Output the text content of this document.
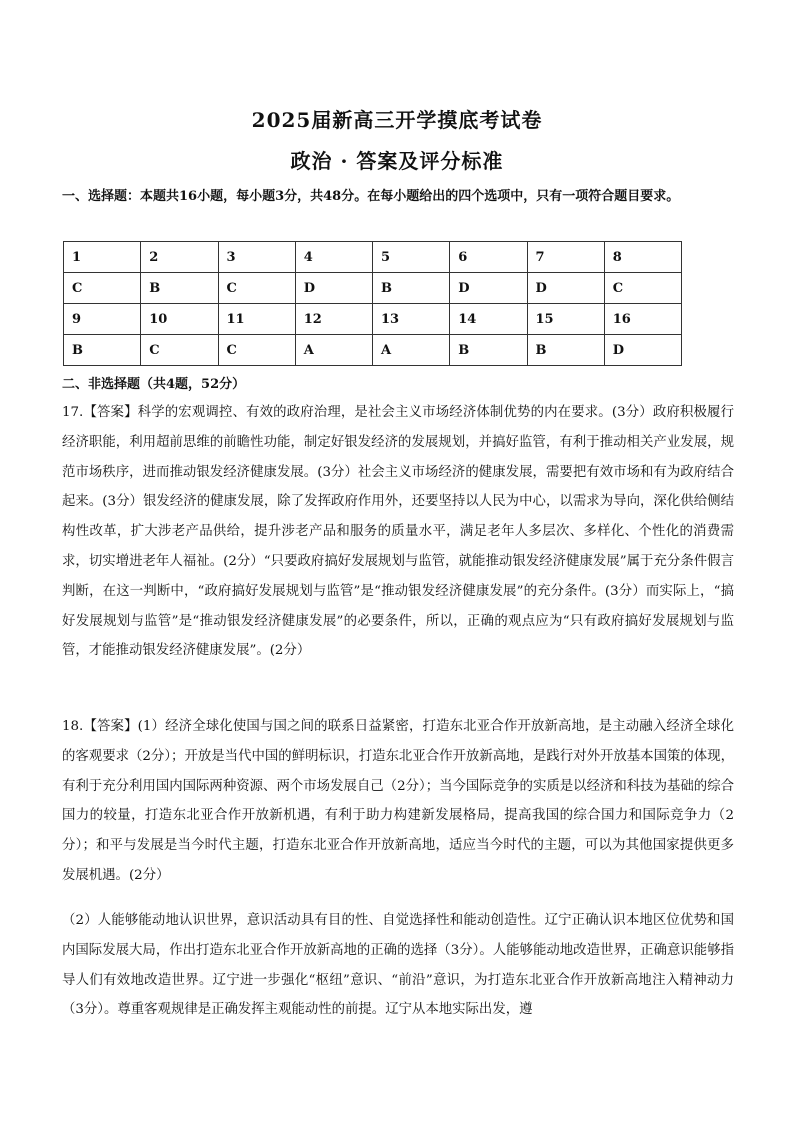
2025届新高三开学摸底考试卷
政治 · 答案及评分标准
一、选择题：本题共16小题，每小题3分，共48分。在每小题给出的四个选项中，只有一项符合题目要求。
1	2	3	4	5	6	7	8
C	B	C	D	B	D	D	C
9	10	11	12	13	14	15	16
B	C	C	A	A	B	B	D
二、非选择题（共4题，52分）
17.【答案】科学的宏观调控、有效的政府治理，是社会主义市场经济体制优势的内在要求。(3分）政府积极履行经济职能，利用超前思维的前瞻性功能，制定好银发经济的发展规划，并搞好监管，有利于推动相关产业发展，规范市场秩序，进而推动银发经济健康发展。(3分）社会主义市场经济的健康发展，需要把有效市场和有为政府结合起来。(3分）银发经济的健康发展，除了发挥政府作用外，还要坚持以人民为中心，以需求为导向，深化供给侧结构性改革，扩大涉老产品供给，提升涉老产品和服务的质量水平，满足老年人多层次、多样化、个性化的消费需求，切实增进老年人福祉。(2分）“只要政府搞好发展规划与监管，就能推动银发经济健康发展”属于充分条件假言判断，在这一判断中，“政府搞好发展规划与监管”是“推动银发经济健康发展”的充分条件。(3分）而实际上，“搞好发展规划与监管”是“推动银发经济健康发展”的必要条件，所以，正确的观点应为“只有政府搞好发展规划与监管，才能推动银发经济健康发展”。(2分）
18.【答案】(1）经济全球化使国与国之间的联系日益紧密，打造东北亚合作开放新高地，是主动融入经济全球化的客观要求（2分）；开放是当代中国的鲜明标识，打造东北亚合作开放新高地，是践行对外开放基本国策的体现，有利于充分利用国内国际两种资源、两个市场发展自己（2分）；当今国际竞争的实质是以经济和科技为基础的综合国力的较量，打造东北亚合作开放新机遇，有利于助力构建新发展格局，提高我国的综合国力和国际竞争力（2分）；和平与发展是当今时代主题，打造东北亚合作开放新高地，适应当今时代的主题，可以为其他国家提供更多发展机遇。(2分）
（2）人能够能动地认识世界，意识活动具有目的性、自觉选择性和能动创造性。辽宁正确认识本地区位优势和国内国际发展大局，作出打造东北亚合作开放新高地的正确的选择（3分）。人能够能动地改造世界，正确意识能够指导人们有效地改造世界。辽宁进一步强化“枢纽”意识、“前沿”意识，为打造东北亚合作开放新高地注入精神动力（3分）。尊重客观规律是正确发挥主观能动性的前提。辽宁从本地实际出发，遵
